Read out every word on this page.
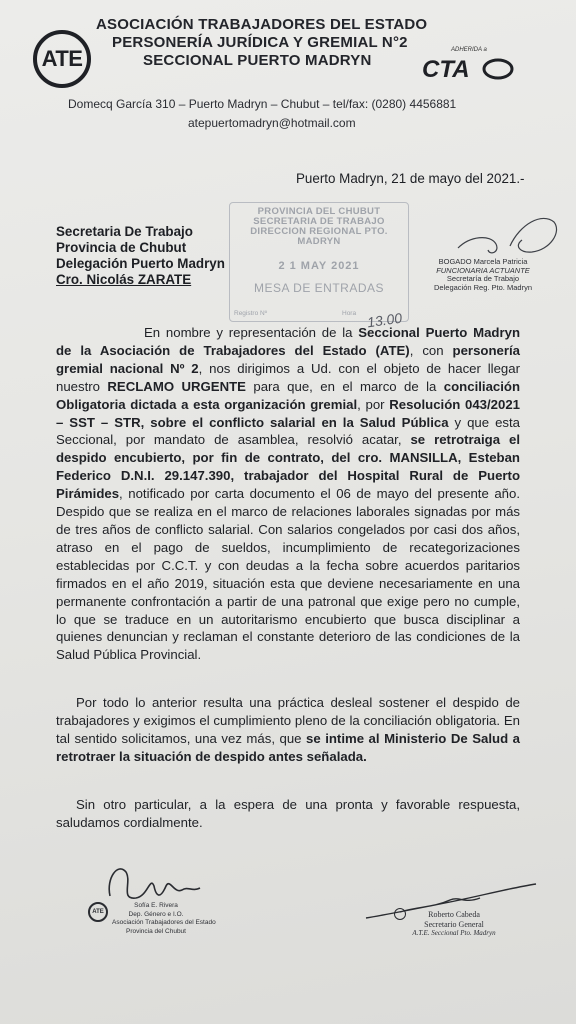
ATE
ASOCIACIÓN TRABAJADORES DEL ESTADO
PERSONERÍA JURÍDICA Y GREMIAL N°2
SECCIONAL PUERTO MADRYN
ADHERIDA a
CTA
Domecq García 310 – Puerto Madryn – Chubut – tel/fax: (0280) 4456881
atepuertomadryn@hotmail.com
Puerto Madryn, 21 de mayo del 2021.-

Secretaria De Trabajo

Provincia de Chubut

Delegación Puerto Madryn

Cro. Nicolás ZARATE

PROVINCIA DEL CHUBUT
SECRETARIA DE TRABAJO
DIRECCION REGIONAL PTO. MADRYN
2 1 MAY 2021
MESA DE ENTRADAS
Registro Nº	Hora 13.00
BOGADO Marcela Patricia
FUNCIONARIA ACTUANTE
Secretaría de Trabajo
Delegación Reg. Pto. Madryn

En nombre y representación de la Seccional Puerto Madryn de la Asociación de Trabajadores del Estado (ATE), con personería gremial nacional Nº 2, nos dirigimos a Ud. con el objeto de hacer llegar nuestro RECLAMO URGENTE para que, en el marco de la conciliación Obligatoria dictada a esta organización gremial, por Resolución 043/2021 – SST – STR, sobre el conflicto salarial en la Salud Pública y que esta Seccional, por mandato de asamblea, resolvió acatar, se retrotraiga el despido encubierto, por fin de contrato, del cro. MANSILLA, Esteban Federico D.N.I. 29.147.390, trabajador del Hospital Rural de Puerto Pirámides, notificado por carta documento el 06 de mayo del presente año. Despido que se realiza en el marco de relaciones laborales signadas por más de tres años de conflicto salarial. Con salarios congelados por casi dos años, atraso en el pago de sueldos, incumplimiento de recategorizaciones establecidas por C.C.T. y con deudas a la fecha sobre acuerdos paritarios firmados en el año 2019, situación esta que deviene necesariamente en una permanente confrontación a partir de una patronal que exige pero no cumple, lo que se traduce en un autoritarismo encubierto que busca disciplinar a quienes denuncian y reclaman el constante deterioro de las condiciones de la Salud Pública Provincial.

Por todo lo anterior resulta una práctica desleal sostener el despido de trabajadores y exigimos el cumplimiento pleno de la conciliación obligatoria. En tal sentido solicitamos, una vez más, que se intime al Ministerio De Salud a retrotraer la situación de despido antes señalada.

Sin otro particular, a la espera de una pronta y favorable respuesta, saludamos cordialmente.

ATE
Sofía E. Rivera
Dep. Género e I.O.
Asociación Trabajadores del Estado
Provincia del Chubut
Roberto Cabeda
Secretario General
A.T.E. Seccional Pto. Madryn
